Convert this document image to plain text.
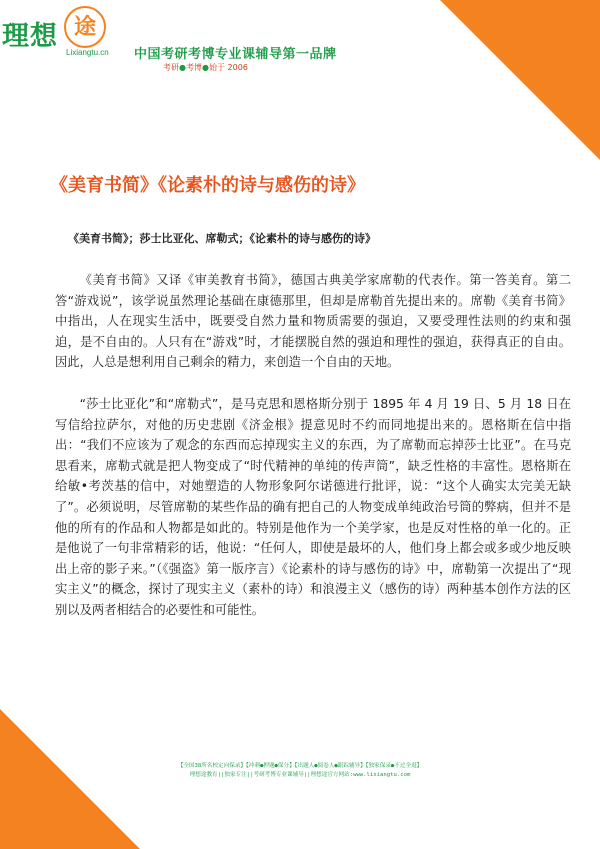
理想 途
Lixiangtu.cn 中国考研考博专业课辅导第一品牌
考研●考博●始于 2006
《美育书简》《论素朴的诗与感伤的诗》
《美育书简》；莎士比亚化、席勒式；《论素朴的诗与感伤的诗》

《美育书简》又译《审美教育书简》，德国古典美学家席勒的代表作。第一答美育。第二答“游戏说”，该学说虽然理论基础在康德那里，但却是席勒首先提出来的。席勒《美育书简》中指出，人在现实生活中，既要受自然力量和物质需要的强迫，又要受理性法则的约束和强迫，是不自由的。人只有在“游戏”时，才能摆脱自然的强迫和理性的强迫，获得真正的自由。因此，人总是想利用自己剩余的精力，来创造一个自由的天地。

“莎士比亚化”和“席勒式”，是马克思和恩格斯分别于 1895 年 4 月 19 日、5 月 18 日在写信给拉萨尔，对他的历史悲剧《济金根》提意见时不约而同地提出来的。恩格斯在信中指出：“我们不应该为了观念的东西而忘掉现实主义的东西，为了席勒而忘掉莎士比亚”。在马克思看来，席勒式就是把人物变成了“时代精神的单纯的传声筒”，缺乏性格的丰富性。恩格斯在给敏•考茨基的信中，对她塑造的人物形象阿尔诺德进行批评，说：“这个人确实太完美无缺了”。必须说明，尽管席勒的某些作品的确有把自己的人物变成单纯政治号筒的弊病，但并不是他的所有的作品和人物都是如此的。特别是他作为一个美学家，也是反对性格的单一化的。正是他说了一句非常精彩的话，他说：“任何人，即使是最坏的人，他们身上都会或多或少地反映出上帝的影子来。”（《强盗》第一版序言）《论素朴的诗与感伤的诗》中，席勒第一次提出了“现实主义”的概念，探讨了现实主义（素朴的诗）和浪漫主义（感伤的诗）两种基本创作方法的区别以及两者相结合的必要性和可能性。

【全国38所名校定向保录】【冲刺●押题●保分】【出题人●阅卷人●跟踪辅导】【独家保录●不过全退】
理想途教育||独家专注||考研考博专业课辅导||理想途官方网站:www.lixiangtu.com
知乎 @理想途张老师
